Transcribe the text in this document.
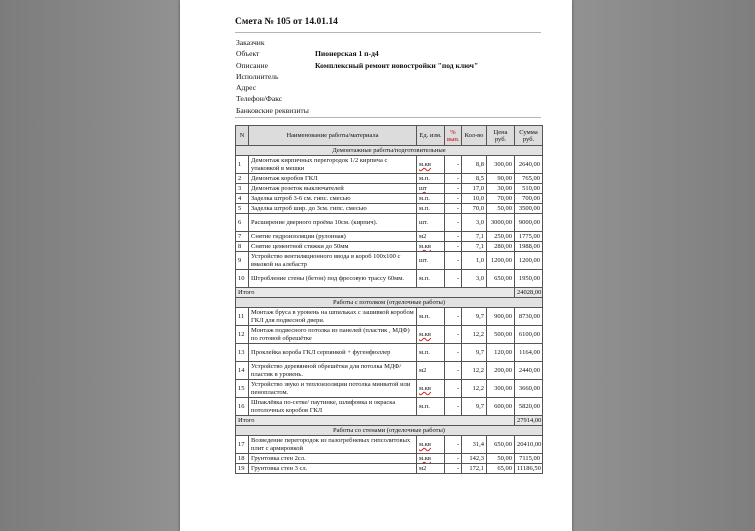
Смета № 105 от 14.01.14
Заказчик
Объект	Пионерская 1 п-д4
Описание	Комплексный ремонт новостройки "под ключ"
Исполнитель
Адрес
Телефон/Факс
Банковские реквизиты
N	Наименование работы/материала	Ед. изм.	% вып.	Кол-во	Цена руб.	Сумма руб.
Демонтажные работы/подготовительные						
1	Демонтаж кирпичных перегородок 1/2 кирпича с упаковкой в мешки	м.кв	-	8,8	300,00	2640,00
2	Демонтаж коробов ГКЛ	м.п.	-	8,5	90,00	765,00
3	Демонтаж розеток выключателей	шт	-	17,0	30,00	510,00
4	Заделка штроб 3-6 см. гипс. смесью	м.п.	-	10,0	70,00	700,00
5	Заделка штроб шир. до 3см. гипс. смесью	м.п.	-	70,0	50,00	3500,00
6	Расширение дверного проёма 10см. (кирпич).	шт.	-	3,0	3000,00	9000,00
7	Снятие гидроизоляции (рулонная)	м2	-	7,1	250,00	1775,00
8	Снятие цементной стяжки до 50мм	м.кв	-	7,1	280,00	1988,00
9	Устройство вентиляционного ввода в короб 100х100 с вмазкой на алебастр	шт.	-	1,0	1200,00	1200,00
10	Штробление стены (бетон) под фресовую трассу 60мм.	м.п.	-	3,0	650,00	1950,00
Итого						24028,00
Работы с потолком (отделочные работы)						
11	Монтаж бруса в уровень на шпильках с зашивкой коробом ГКЛ для подвесной двери.	м.п.	-	9,7	900,00	8730,00
12	Монтаж подвесного потолка из панелей (пластик , МДФ) по готовой обрешётке	м.кв	-	12,2	500,00	6100,00
13	Проклейка короба ГКЛ серпянкой + фугенфюллер	м.п.	-	9,7	120,00	1164,00
14	Устройство деревянной обрешётки для потолка МДФ/ пластик в уровень.	м2	-	12,2	200,00	2440,00
15	Устройство звуко и теплоизоляции потолка минватой или пеноплaстом.	м.кв	-	12,2	300,00	3660,00
16	Шпаклёвка по-сетке/ паутинке, шлифовка и окраска потолочных коробов ГКЛ	м.п.	-	9,7	600,00	5820,00
Итого						27914,00
Работы со стенами (отделочные работы)						
17	Возведение перегородок из пазогребневых гипсолитовых плит с армировкой	м.кв	-	31,4	650,00	20410,00
18	Грунтовка стен 2сл.	м.кв	-	142,3	50,00	7115,00
19	Грунтовка стен 3 сл.	м2	-	172,1	65,00	11186,50
